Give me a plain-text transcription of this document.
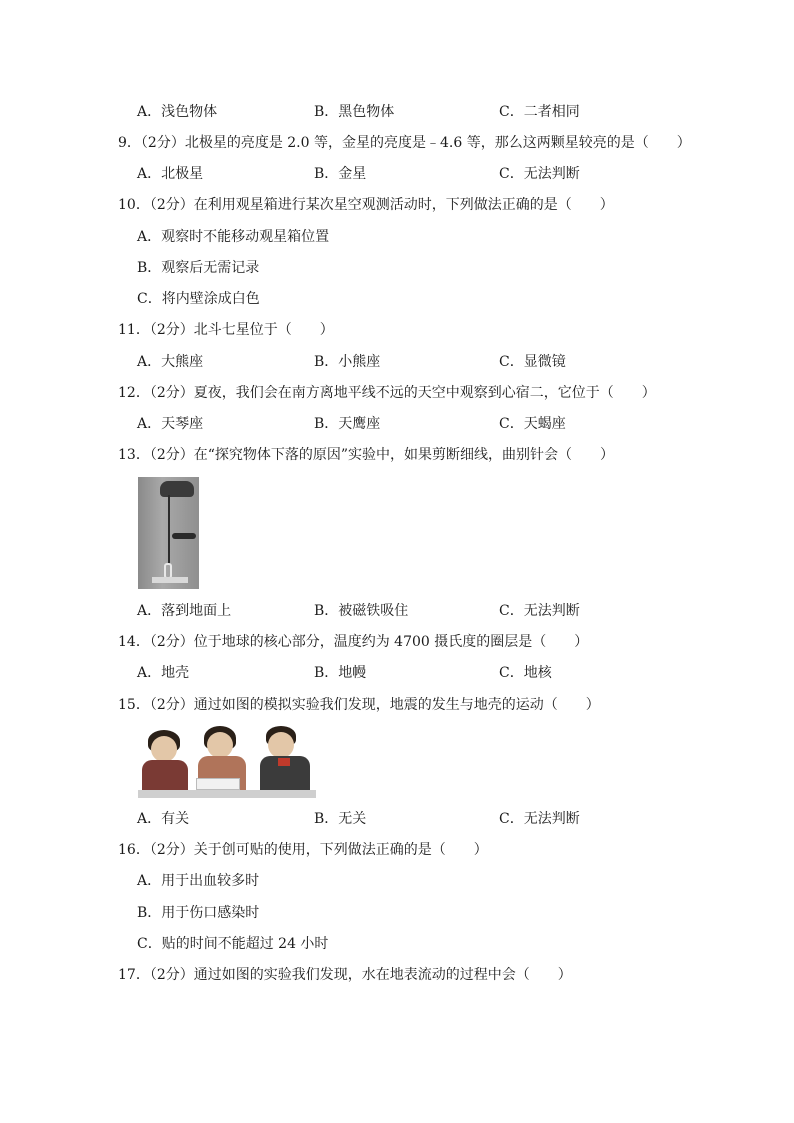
A．浅色物体	B．黑色物体	C．二者相同
9．（2分）北极星的亮度是 2.0 等，金星的亮度是﹣4.6 等，那么这两颗星较亮的是（　　）
A．北极星	B．金星	C．无法判断
10．（2分）在利用观星箱进行某次星空观测活动时，下列做法正确的是（　　）
A．观察时不能移动观星箱位置
B．观察后无需记录
C．将内壁涂成白色
11．（2分）北斗七星位于（　　）
A．大熊座	B．小熊座	C．显微镜
12．（2分）夏夜，我们会在南方离地平线不远的天空中观察到心宿二，它位于（　　）
A．天琴座	B．天鹰座	C．天蝎座
13．（2分）在“探究物体下落的原因”实验中，如果剪断细线，曲别针会（　　）
A．落到地面上	B．被磁铁吸住	C．无法判断
14．（2分）位于地球的核心部分，温度约为 4700 摄氏度的圈层是（　　）
A．地壳	B．地幔	C．地核
15．（2分）通过如图的模拟实验我们发现，地震的发生与地壳的运动（　　）
A．有关	B．无关	C．无法判断
16．（2分）关于创可贴的使用，下列做法正确的是（　　）
A．用于出血较多时
B．用于伤口感染时
C．贴的时间不能超过 24 小时
17．（2分）通过如图的实验我们发现，水在地表流动的过程中会（　　）
